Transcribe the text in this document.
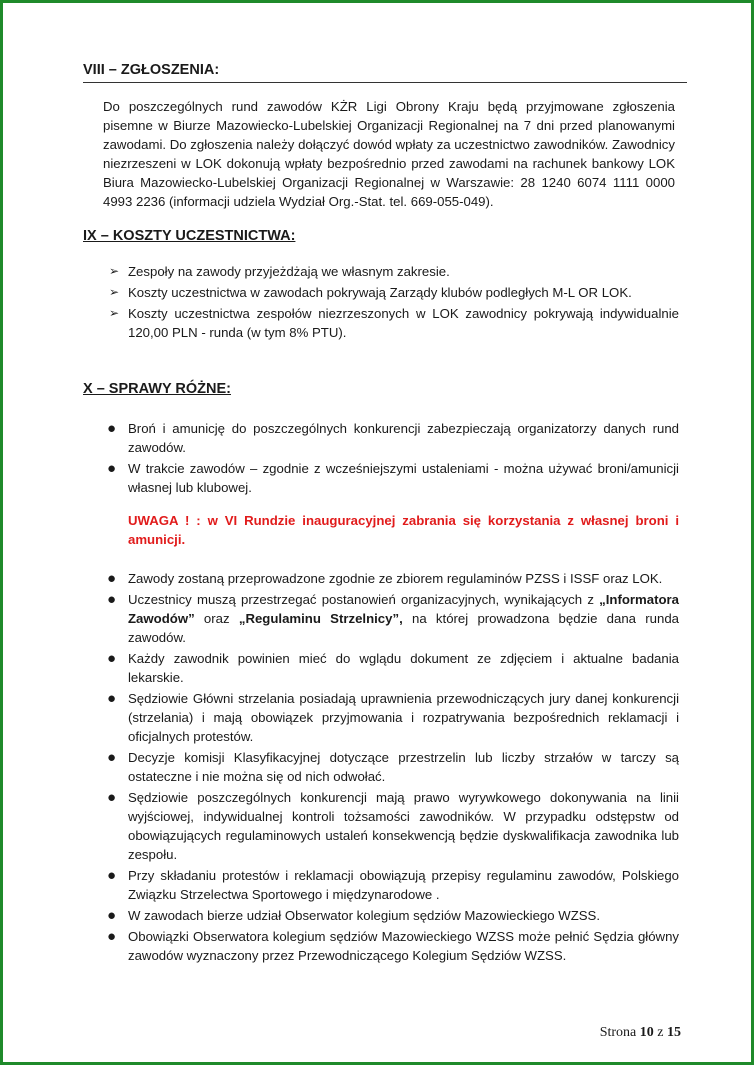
VIII – ZGŁOSZENIA:

Do poszczególnych rund zawodów KŻR Ligi Obrony Kraju będą przyjmowane zgłoszenia pisemne w Biurze Mazowiecko-Lubelskiej Organizacji Regionalnej na 7 dni przed planowanymi zawodami. Do zgłoszenia należy dołączyć dowód wpłaty za uczestnictwo zawodników. Zawodnicy niezrzeszeni w LOK dokonują wpłaty bezpośrednio przed zawodami na rachunek bankowy LOK Biura Mazowiecko-Lubelskiej Organizacji Regionalnej w Warszawie: 28 1240 6074 1111 0000 4993 2236 (informacji udziela Wydział Org.-Stat. tel. 669-055-049).

IX – KOSZTY UCZESTNICTWA:
➢ Zespoły na zawody przyjeżdżają we własnym zakresie.
➢ Koszty uczestnictwa w zawodach pokrywają Zarządy klubów podległych M-L OR LOK.
➢ Koszty uczestnictwa zespołów niezrzeszonych w LOK zawodnicy pokrywają indywidualnie 120,00 PLN - runda (w tym 8% PTU).
X – SPRAWY RÓŻNE:
● Broń i amunicję do poszczególnych konkurencji zabezpieczają organizatorzy danych rund zawodów.
● W trakcie zawodów – zgodnie z wcześniejszymi ustaleniami - można używać broni/amunicji własnej lub klubowej.

UWAGA ! : w VI Rundzie inauguracyjnej zabrania się korzystania z własnej broni i amunicji.

● Zawody zostaną przeprowadzone zgodnie ze zbiorem regulaminów PZSS i ISSF oraz LOK.
● Uczestnicy muszą przestrzegać postanowień organizacyjnych, wynikających z „Informatora Zawodów” oraz „Regulaminu Strzelnicy”, na której prowadzona będzie dana runda zawodów.
● Każdy zawodnik powinien mieć do wglądu dokument ze zdjęciem i aktualne badania lekarskie.
● Sędziowie Główni strzelania posiadają uprawnienia przewodniczących jury danej konkurencji (strzelania) i mają obowiązek przyjmowania i rozpatrywania bezpośrednich reklamacji i oficjalnych protestów.
● Decyzje komisji Klasyfikacyjnej dotyczące przestrzelin lub liczby strzałów w tarczy są ostateczne i nie można się od nich odwołać.
● Sędziowie poszczególnych konkurencji mają prawo wyrywkowego dokonywania na linii wyjściowej, indywidualnej kontroli tożsamości zawodników. W przypadku odstępstw od obowiązujących regulaminowych ustaleń konsekwencją będzie dyskwalifikacja zawodnika lub zespołu.
● Przy składaniu protestów i reklamacji obowiązują przepisy regulaminu zawodów, Polskiego Związku Strzelectwa Sportowego i międzynarodowe .
● W zawodach bierze udział Obserwator kolegium sędziów Mazowieckiego WZSS.
● Obowiązki Obserwatora kolegium sędziów Mazowieckiego WZSS może pełnić Sędzia główny zawodów wyznaczony przez Przewodniczącego Kolegium Sędziów WZSS.
Strona 10 z 15
